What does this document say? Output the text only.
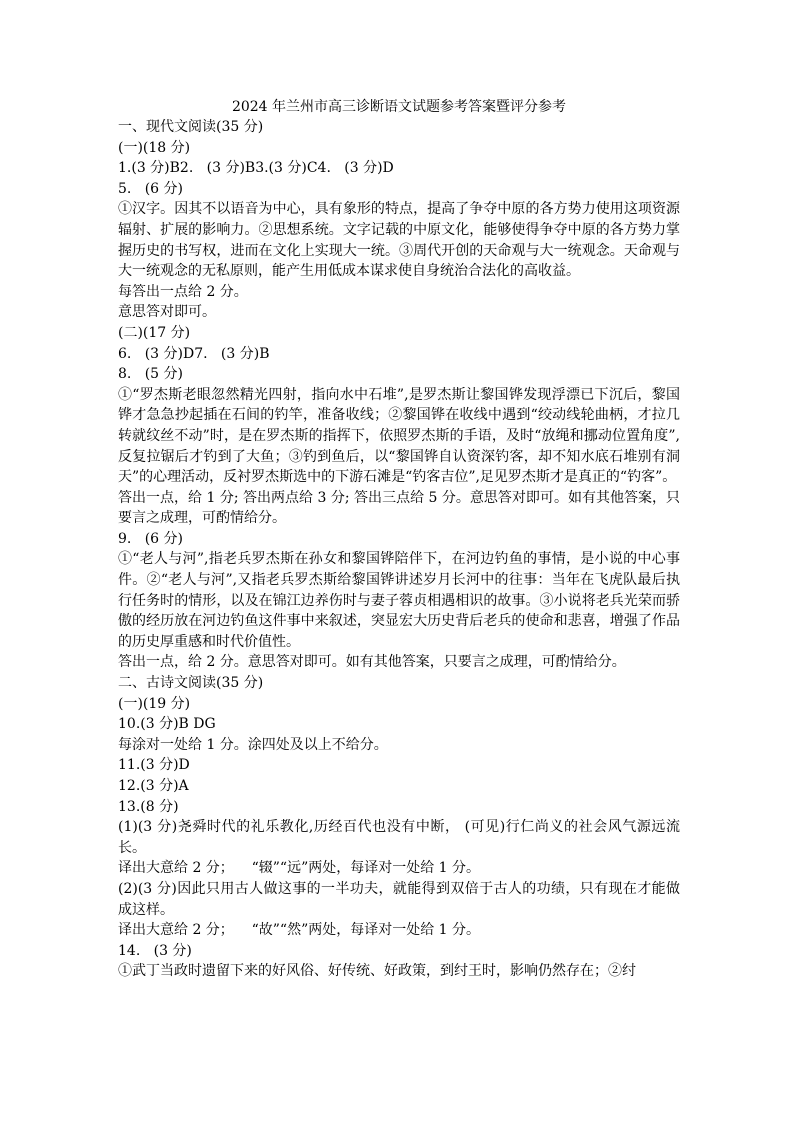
2024 年兰州市高三诊断语文试题参考答案暨评分参考
一、现代文阅读(35 分)
(一)(18 分)
1.(3 分)B2.   (3 分)B3.(3 分)C4.   (3 分)D
5.   (6 分)
①汉字。因其不以语音为中心，具有象形的特点，提高了争夺中原的各方势力使用这项资源辐射、扩展的影响力。②思想系统。文字记载的中原文化，能够使得争夺中原的各方势力掌握历史的书写权，进而在文化上实现大一统。③周代开创的天命观与大一统观念。天命观与大一统观念的无私原则，能产生用低成本谋求使自身统治合法化的高收益。
每答出一点给 2 分。
意思答对即可。
(二)(17 分)
6.   (3 分)D7.   (3 分)B
8.   (5 分)
①“罗杰斯老眼忽然精光四射，指向水中石堆”,是罗杰斯让黎国铧发现浮漂已下沉后，黎国铧才急急抄起插在石间的钓竿，准备收线；②黎国铧在收线中遇到“绞动线轮曲柄，才拉几转就纹丝不动”时，是在罗杰斯的指挥下，依照罗杰斯的手语，及时“放绳和挪动位置角度”,反复拉锯后才钓到了大鱼；③钓到鱼后，以“黎国铧自认资深钓客，却不知水底石堆别有洞天”的心理活动，反衬罗杰斯选中的下游石滩是“钓客吉位”,足见罗杰斯才是真正的“钓客”。
答出一点，给 1 分; 答出两点给 3 分; 答出三点给 5 分。意思答对即可。如有其他答案，只要言之成理，可酌情给分。
9.   (6 分)
①“老人与河”,指老兵罗杰斯在孙女和黎国铧陪伴下，在河边钓鱼的事情，是小说的中心事件。②“老人与河”,又指老兵罗杰斯给黎国铧讲述岁月长河中的往事：当年在飞虎队最后执行任务时的情形，以及在锦江边养伤时与妻子蓉贞相遇相识的故事。③小说将老兵光荣而骄傲的经历放在河边钓鱼这件事中来叙述，突显宏大历史背后老兵的使命和悲喜，增强了作品的历史厚重感和时代价值性。
答出一点，给 2 分。意思答对即可。如有其他答案，只要言之成理，可酌情给分。
二、古诗文阅读(35 分)
(一)(19 分)
10.(3 分)B DG
每涂对一处给 1 分。涂四处及以上不给分。
11.(3 分)D
12.(3 分)A
13.(8 分)
(1)(3 分)尧舜时代的礼乐教化,历经百代也没有中断， (可见)行仁尚义的社会风气源远流长。
译出大意给 2 分；    “辍”“远”两处，每译对一处给 1 分。
(2)(3 分)因此只用古人做这事的一半功夫，就能得到双倍于古人的功绩，只有现在才能做成这样。
译出大意给 2 分；    “故”“然”两处，每译对一处给 1 分。
14.   (3 分)
①武丁当政时遗留下来的好风俗、好传统、好政策，到纣王时，影响仍然存在；②纣
